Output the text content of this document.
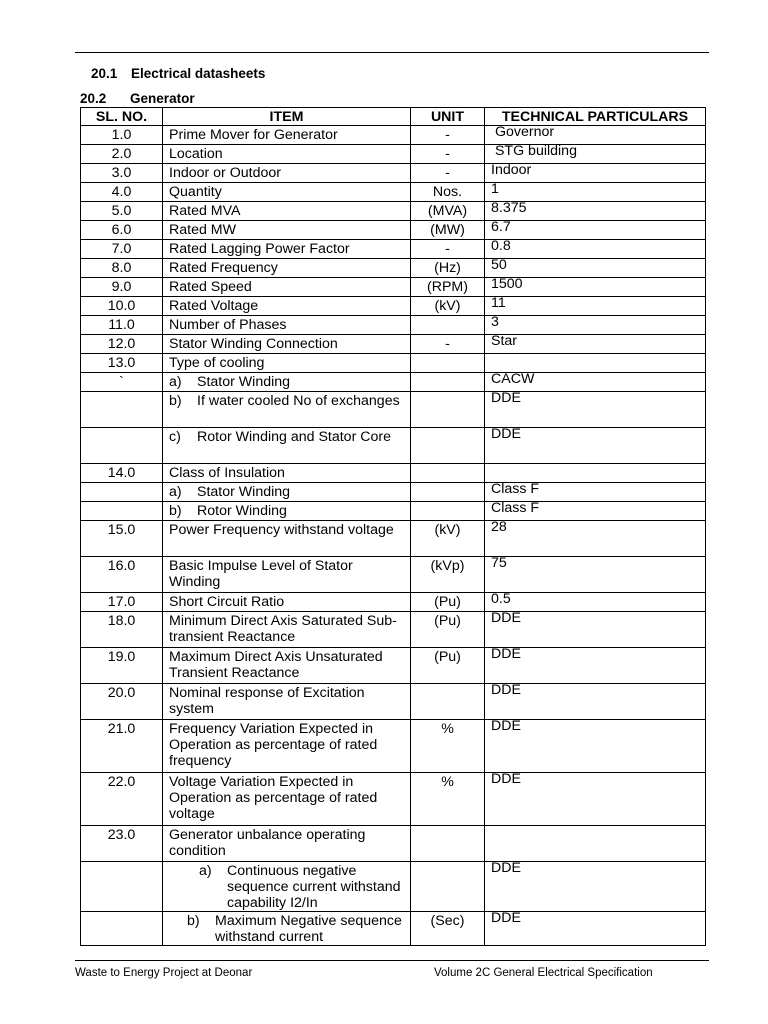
20.1 Electrical datasheets
20.2 Generator
SL. NO.	ITEM	UNIT	TECHNICAL PARTICULARS
1.0	Prime Mover for Generator	-	Governor

2.0	Location	-	STG building

3.0	Indoor or Outdoor	-	Indoor

4.0	Quantity	Nos.	1

5.0	Rated MVA	(MVA)	8.375

6.0	Rated MW	(MW)	6.7

7.0	Rated Lagging Power Factor	-	0.8

8.0	Rated Frequency	(Hz)	50

9.0	Rated Speed	(RPM)	1500

10.0	Rated Voltage	(kV)	11

11.0	Number of Phases		3

12.0	Stator Winding Connection	-	Star

13.0	Type of cooling		

`	a) Stator Winding		CACW

	b) If water cooled No of exchanges		DDE

	c) Rotor Winding and Stator Core		DDE

14.0	Class of Insulation		

	a) Stator Winding		Class F

	b) Rotor Winding		Class F

15.0	Power Frequency withstand voltage	(kV)	28

16.0	Basic Impulse Level of Stator Winding	(kVp)	75

17.0	Short Circuit Ratio	(Pu)	0.5

18.0	Minimum Direct Axis Saturated Sub-transient Reactance	(Pu)	DDE

19.0	Maximum Direct Axis Unsaturated Transient Reactance	(Pu)	DDE

20.0	Nominal response of Excitation system		DDE

21.0	Frequency Variation Expected in Operation as percentage of rated frequency	%	DDE

22.0	Voltage Variation Expected in Operation as percentage of rated voltage	%	DDE

23.0	Generator unbalance operating condition		

	a) Continuous negative sequence current withstand capability I2/In		DDE

	b) Maximum Negative sequence withstand current	(Sec)	DDE
Waste to Energy Project at Deonar	Volume 2C General Electrical Specification
